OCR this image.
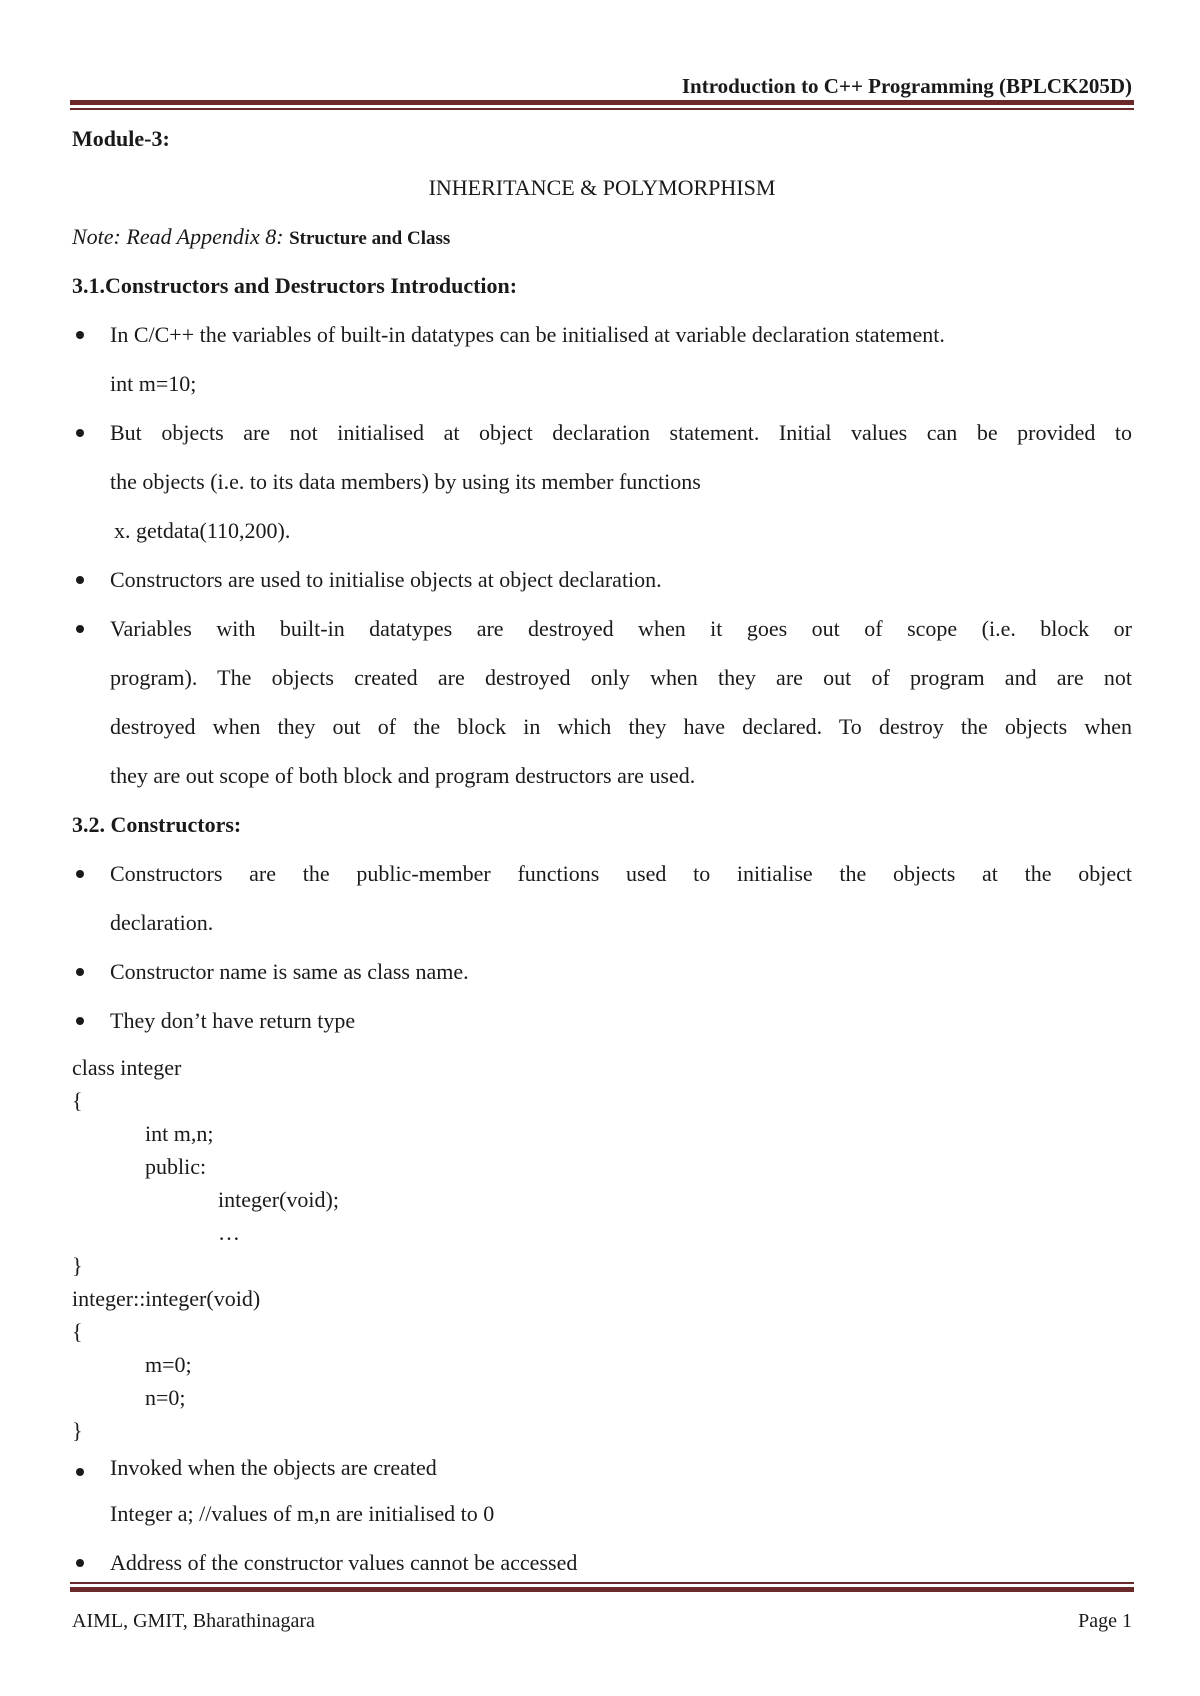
Introduction to C++ Programming (BPLCK205D)
Module-3:
INHERITANCE & POLYMORPHISM
Note: Read Appendix 8: Structure and Class
3.1.Constructors and Destructors Introduction:
In C/C++ the variables of built-in datatypes can be initialised at variable declaration statement.
int m=10;
But objects are not initialised at object declaration statement. Initial values can be provided to
the objects (i.e. to its data members) by using its member functions
x. getdata(110,200).
Constructors are used to initialise objects at object declaration.
Variables with built-in datatypes are destroyed when it goes out of scope (i.e. block or
program). The objects created are destroyed only when they are out of program and are not
destroyed when they out of the block in which they have declared. To destroy the objects when
they are out scope of both block and program destructors are used.
3.2. Constructors:
Constructors are the public-member functions used to initialise the objects at the object
declaration.
Constructor name is same as class name.
They don’t have return type
class integer
{
int m,n;
public:
integer(void);
…
}
integer::integer(void)
{
m=0;
n=0;
}
Invoked when the objects are created
Integer a; //values of m,n are initialised to 0
Address of the constructor values cannot be accessed
AIML, GMIT, Bharathinagara	Page 1
